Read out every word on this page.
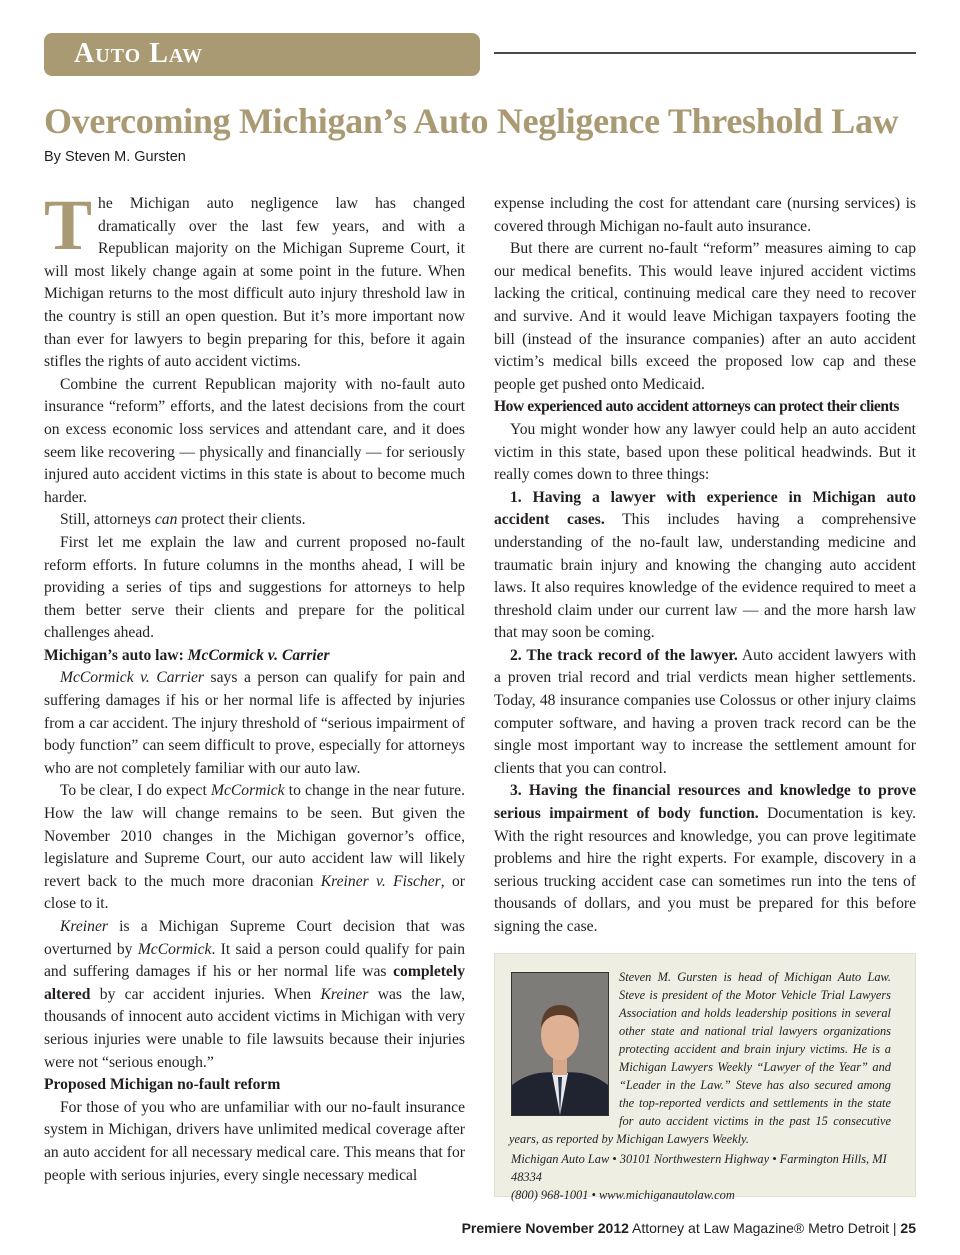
Auto Law
Overcoming Michigan’s Auto Negligence Threshold Law
By Steven M. Gursten

The Michigan auto negligence law has changed dramatically over the last few years, and with a Republican majority on the Michigan Supreme Court, it will most likely change again at some point in the future. When Michigan returns to the most difficult auto injury threshold law in the country is still an open question. But it’s more important now than ever for lawyers to begin preparing for this, before it again stifles the rights of auto accident victims.

Combine the current Republican majority with no-fault auto insurance “reform” efforts, and the latest decisions from the court on excess economic loss services and attendant care, and it does seem like recovering — physically and financially — for seriously injured auto accident victims in this state is about to become much harder.

Still, attorneys can protect their clients.

First let me explain the law and current proposed no-fault reform efforts. In future columns in the months ahead, I will be providing a series of tips and suggestions for attorneys to help them better serve their clients and prepare for the political challenges ahead.

Michigan’s auto law: McCormick v. Carrier

McCormick v. Carrier says a person can qualify for pain and suffering damages if his or her normal life is affected by injuries from a car accident. The injury threshold of “serious impairment of body function” can seem difficult to prove, especially for attorneys who are not completely familiar with our auto law.

To be clear, I do expect McCormick to change in the near future. How the law will change remains to be seen. But given the November 2010 changes in the Michigan governor’s office, legislature and Supreme Court, our auto accident law will likely revert back to the much more draconian Kreiner v. Fischer, or close to it.

Kreiner is a Michigan Supreme Court decision that was overturned by McCormick. It said a person could qualify for pain and suffering damages if his or her normal life was completely altered by car accident injuries. When Kreiner was the law, thousands of innocent auto accident victims in Michigan with very serious injuries were unable to file lawsuits because their injuries were not “serious enough.”

Proposed Michigan no-fault reform

For those of you who are unfamiliar with our no-fault insurance system in Michigan, drivers have unlimited medical coverage after an auto accident for all necessary medical care. This means that for people with serious injuries, every single necessary medical

expense including the cost for attendant care (nursing services) is covered through Michigan no-fault auto insurance.

But there are current no-fault “reform” measures aiming to cap our medical benefits. This would leave injured accident victims lacking the critical, continuing medical care they need to recover and survive. And it would leave Michigan taxpayers footing the bill (instead of the insurance companies) after an auto accident victim’s medical bills exceed the proposed low cap and these people get pushed onto Medicaid.

How experienced auto accident attorneys can protect their clients

You might wonder how any lawyer could help an auto accident victim in this state, based upon these political headwinds. But it really comes down to three things:

1. Having a lawyer with experience in Michigan auto accident cases. This includes having a comprehensive understanding of the no-fault law, understanding medicine and traumatic brain injury and knowing the changing auto accident laws. It also requires knowledge of the evidence required to meet a threshold claim under our current law — and the more harsh law that may soon be coming.

2. The track record of the lawyer. Auto accident lawyers with a proven trial record and trial verdicts mean higher settlements. Today, 48 insurance companies use Colossus or other injury claims computer software, and having a proven track record can be the single most important way to increase the settlement amount for clients that you can control.

3. Having the financial resources and knowledge to prove serious impairment of body function. Documentation is key. With the right resources and knowledge, you can prove legitimate problems and hire the right experts. For example, discovery in a serious trucking accident case can sometimes run into the tens of thousands of dollars, and you must be prepared for this before signing the case.

Steven M. Gursten is head of Michigan Auto Law. Steve is president of the Motor Vehicle Trial Lawyers Association and holds leadership positions in several other state and national trial lawyers organizations protecting accident and brain injury victims. He is a Michigan Lawyers Weekly “Lawyer of the Year” and “Leader in the Law.” Steve has also secured among the top-reported verdicts and settlements in the state for auto accident victims in the past 15 consecutive years, as reported by Michigan Lawyers Weekly.
Michigan Auto Law • 30101 Northwestern Highway • Farmington Hills, MI 48334
(800) 968-1001 • www.michiganautolaw.com
Premiere November 2012 Attorney at Law Magazine® Metro Detroit | 25
